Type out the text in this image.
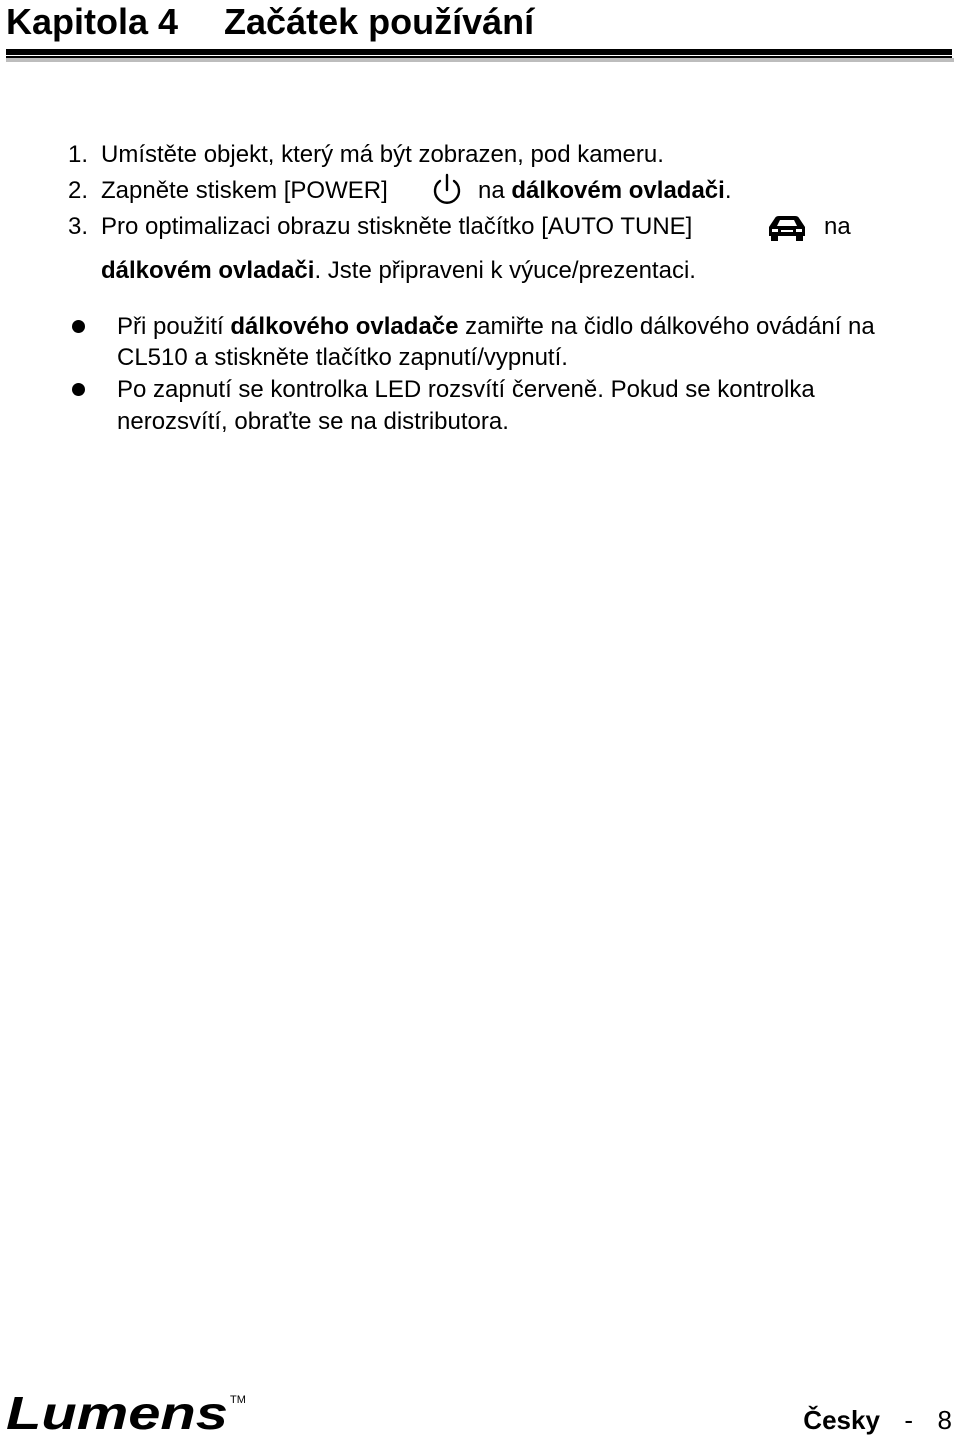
Kapitola 4 Začátek používání
1. Umístěte objekt, který má být zobrazen, pod kameru.
2. Zapněte stiskem [POWER]	na dálkovém ovladači.
3. Pro optimalizaci obrazu stiskněte tlačítko [AUTO TUNE]	na
dálkovém ovladači. Jste připraveni k výuce/prezentaci.
Při použití dálkového ovladače zamiřte na čidlo dálkového ovádání na
CL510 a stiskněte tlačítko zapnutí/vypnutí.
Po zapnutí se kontrolka LED rozsvítí červeně. Pokud se kontrolka
nerozsvítí, obraťte se na distributora.
Lumens TM
Česky - 8
